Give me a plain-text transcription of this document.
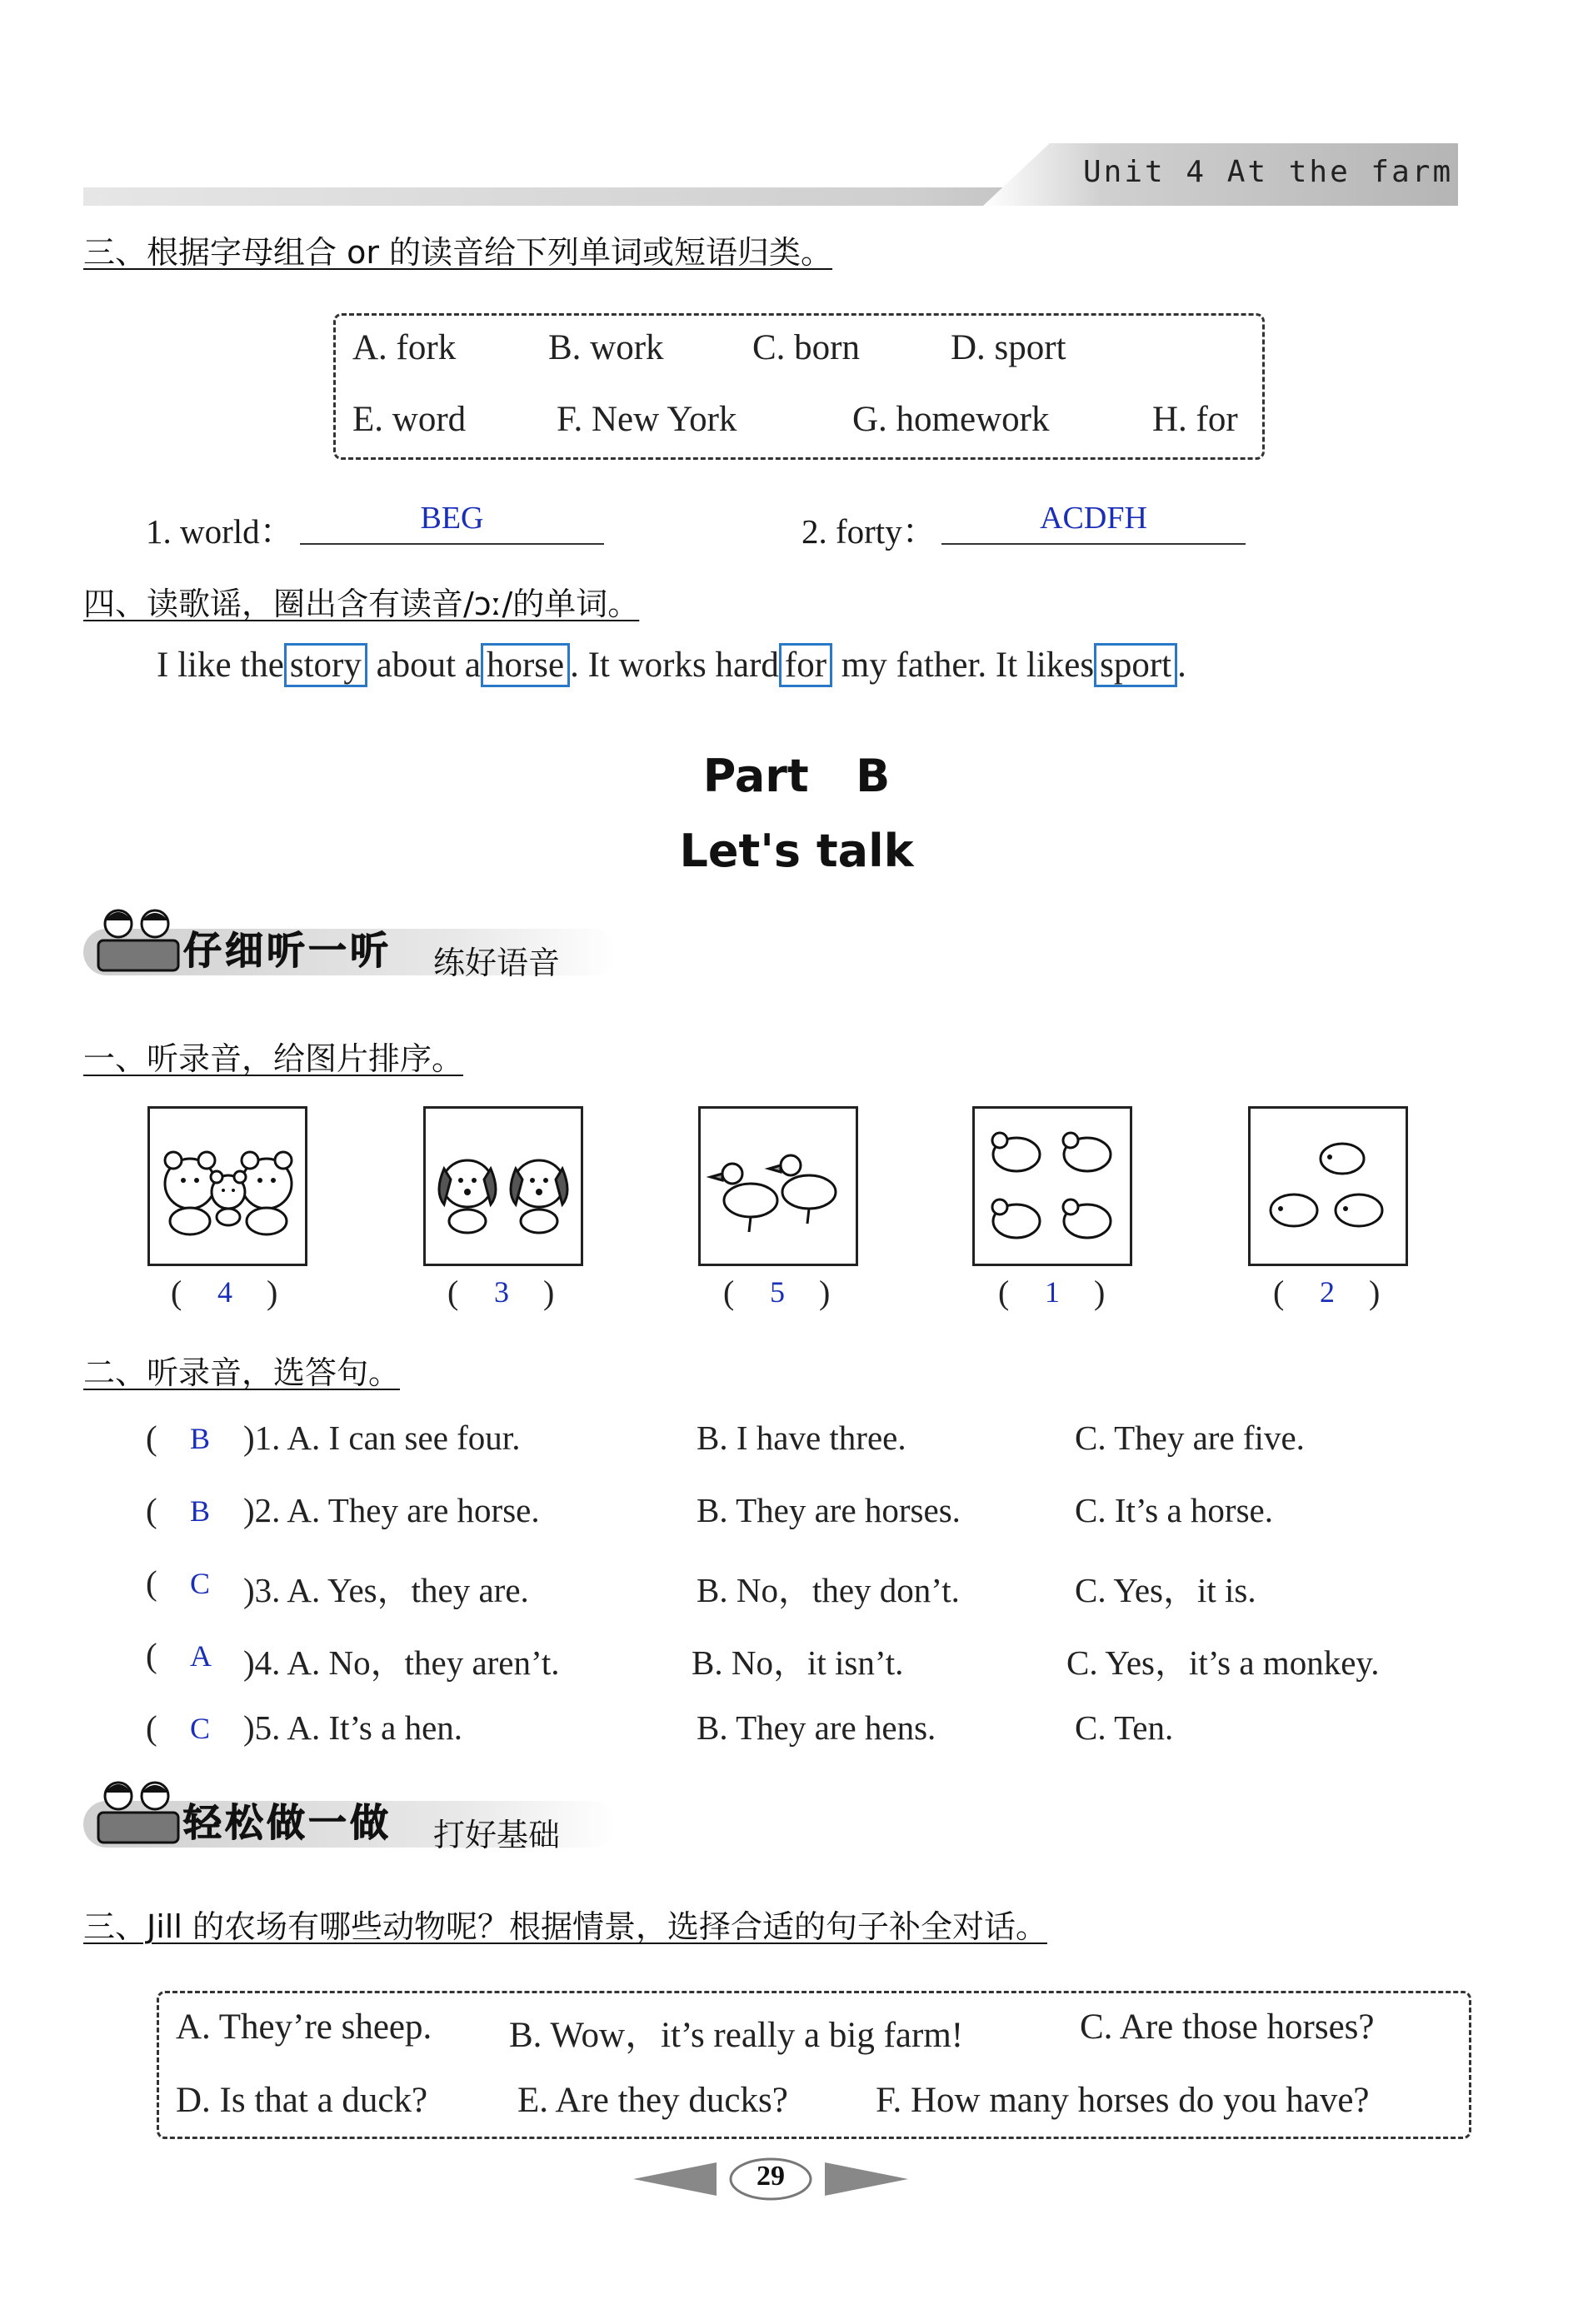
Unit 4 At the farm
三、根据字母组合 or 的读音给下列单词或短语归类。
A. fork	B. work C. born	D. sport
E. word	F. New York	G. homework	H. for
1. world：	BEG	2. forty：	ACDFH
四、读歌谣，圈出含有读音/ɔː/的单词。
I like the story about a horse . It works hard for my father. It likes sport .
Part   B
Let's talk
仔细听一听 练好语音
一、听录音，给图片排序。
(	4	)	(	3	)	(	5	)	(	1	)	(	2	)
二、听录音，选答句。
( B )1. A. I can see four.	B. I have three.	C. They are five.
( B )2. A. They are horse.	B. They are horses.	C. It’s a horse.
( C )3. A. Yes，they are.	B. No，they don’t.	C. Yes，it is.
( A )4. A. No，they aren’t.	B. No，it isn’t.	C. Yes，it’s a monkey.
( C )5. A. It’s a hen.	B. They are hens.	C. Ten.
轻松做一做 打好基础
三、Jill 的农场有哪些动物呢？根据情景，选择合适的句子补全对话。
A. They’re sheep. B. Wow，it’s really a big farm!	C. Are those horses?
D. Is that a duck?	E. Are they ducks? F. How many horses do you have?
29
